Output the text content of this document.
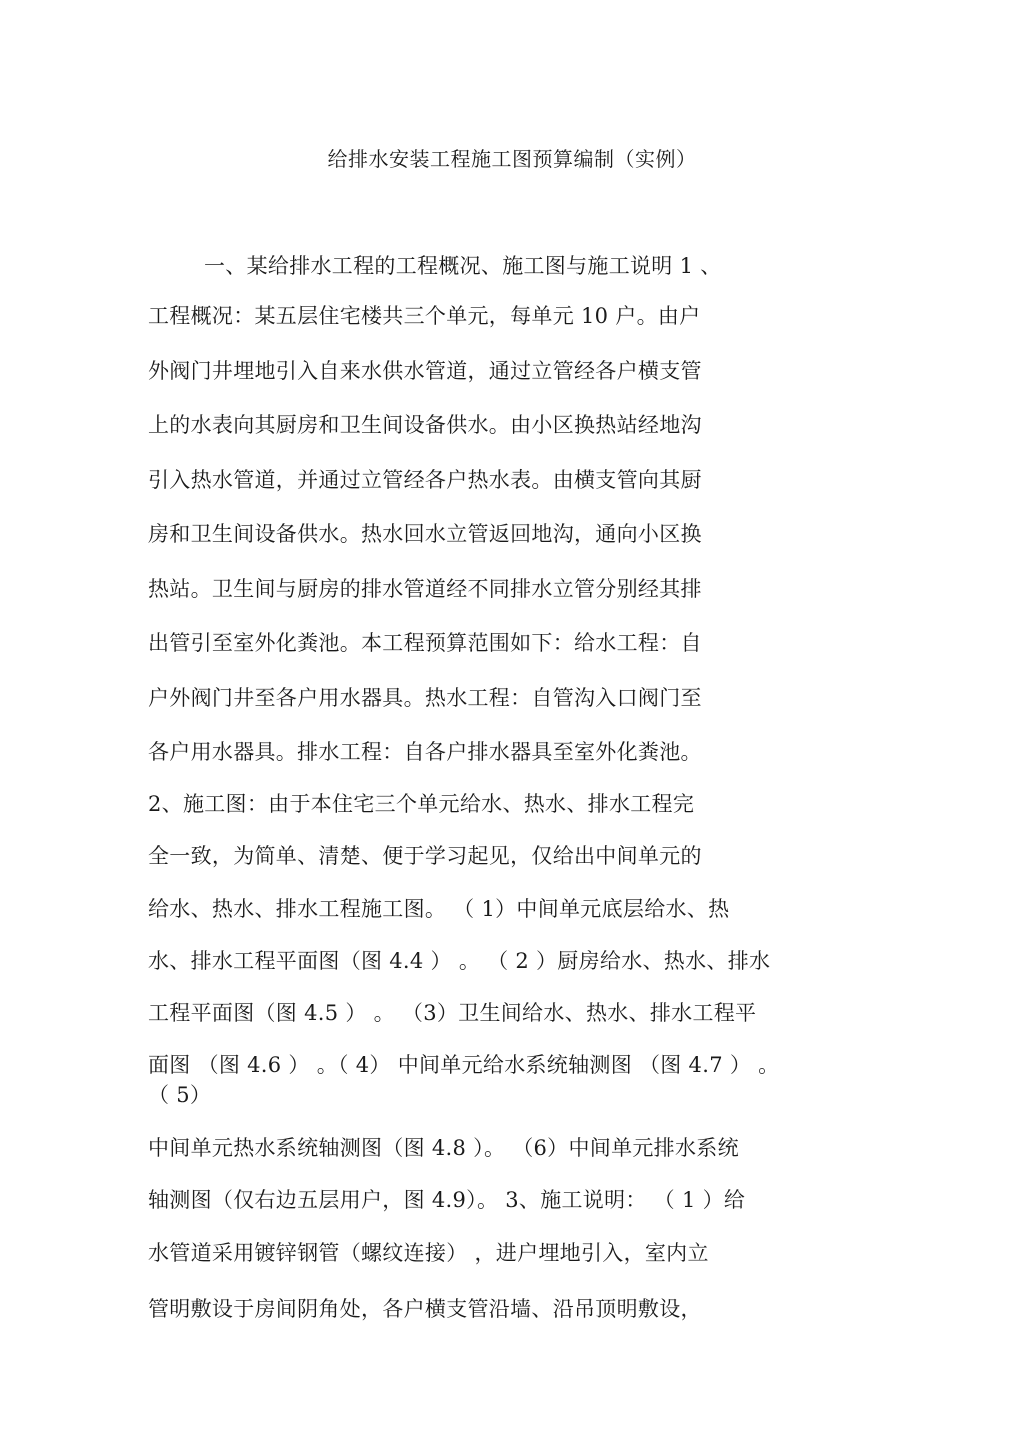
给排水安装工程施工图预算编制（实例）
一、某给排水工程的工程概况、施工图与施工说明 1 、
工程概况：某五层住宅楼共三个单元，每单元 10 户。由户
外阀门井埋地引入自来水供水管道，通过立管经各户横支管
上的水表向其厨房和卫生间设备供水。由小区换热站经地沟
引入热水管道，并通过立管经各户热水表。由横支管向其厨
房和卫生间设备供水。热水回水立管返回地沟，通向小区换
热站。卫生间与厨房的排水管道经不同排水立管分别经其排
出管引至室外化粪池。本工程预算范围如下：给水工程：自
户外阀门井至各户用水器具。热水工程：自管沟入口阀门至
各户用水器具。排水工程：自各户排水器具至室外化粪池。
2、施工图：由于本住宅三个单元给水、热水、排水工程完
全一致，为简单、清楚、便于学习起见，仅给出中间单元的
给水、热水、排水工程施工图。 （ 1）中间单元底层给水、热
水、排水工程平面图（图 4.4 ） 。 （ 2 ）厨房给水、热水、排水
工程平面图（图 4.5 ） 。 （3）卫生间给水、热水、排水工程平
面图 （图 4.6 ） 。（ 4） 中间单元给水系统轴测图 （图 4.7 ） 。
（ 5）
中间单元热水系统轴测图（图 4.8 ）。 （6）中间单元排水系统
轴测图（仅右边五层用户，图 4.9）。 3、施工说明： （ 1 ）给
水管道采用镀锌钢管（螺纹连接） ，进户埋地引入，室内立
管明敷设于房间阴角处，各户横支管沿墙、沿吊顶明敷设，
